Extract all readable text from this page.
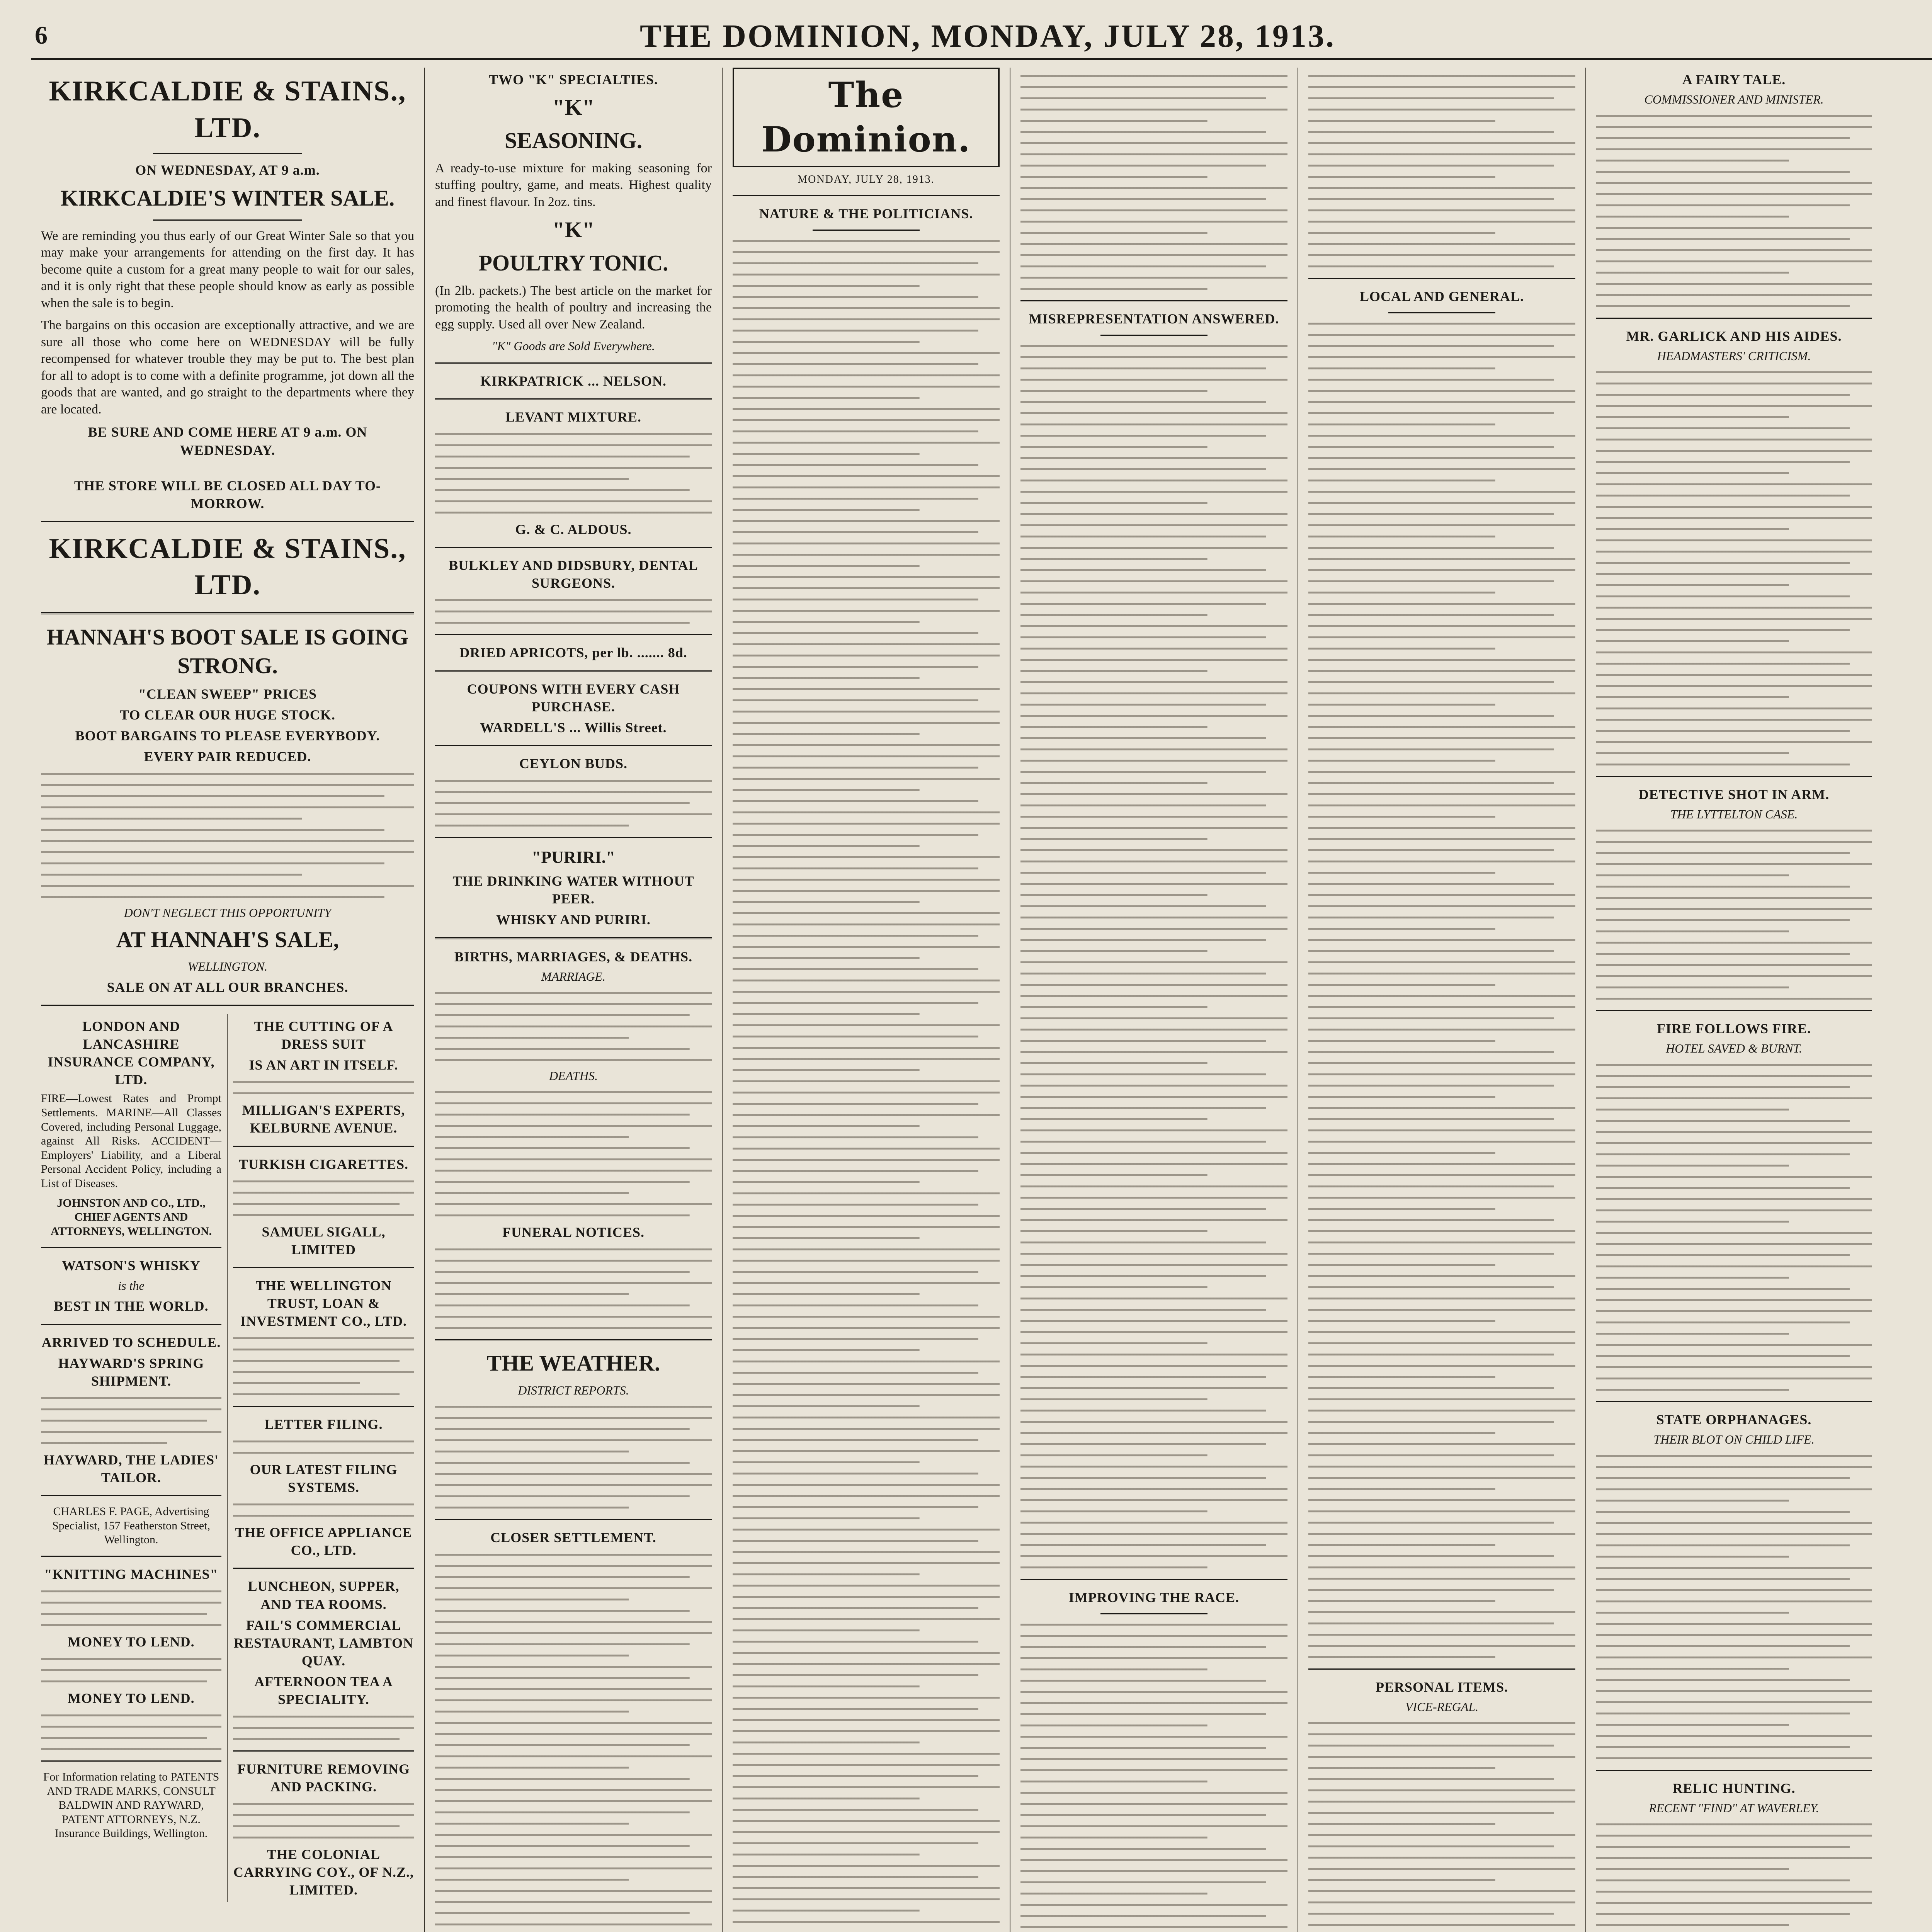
6	THE DOMINION, MONDAY, JULY 28, 1913.
KIRKCALDIE & STAINS., LTD.
ON WEDNESDAY, AT 9 a.m.
KIRKCALDIE'S WINTER SALE.

We are reminding you thus early of our Great Winter Sale so that you may make your arrangements for attending on the first day. It has become quite a custom for a great many people to wait for our sales, and it is only right that these people should know as early as possible when the sale is to begin.

The bargains on this occasion are exceptionally attractive, and we are sure all those who come here on WEDNESDAY will be fully recompensed for whatever trouble they may be put to. The best plan for all to adopt is to come with a definite programme, jot down all the goods that are wanted, and go straight to the departments where they are located.

BE SURE AND COME HERE AT 9 a.m. ON WEDNESDAY.
THE STORE WILL BE CLOSED ALL DAY TO-MORROW.
KIRKCALDIE & STAINS., LTD.
HANNAH'S BOOT SALE IS GOING STRONG.
"CLEAN SWEEP" PRICES
TO CLEAR OUR HUGE STOCK.
BOOT BARGAINS TO PLEASE EVERYBODY.
EVERY PAIR REDUCED.
DON'T NEGLECT THIS OPPORTUNITY
AT HANNAH'S SALE,
WELLINGTON.
SALE ON AT ALL OUR BRANCHES.
LONDON AND LANCASHIRE INSURANCE COMPANY, LTD.

FIRE—Lowest Rates and Prompt Settlements. MARINE—All Classes Covered, including Personal Luggage, against All Risks. ACCIDENT—Employers' Liability, and a Liberal Personal Accident Policy, including a List of Diseases.

JOHNSTON AND CO., LTD., CHIEF AGENTS AND ATTORNEYS, WELLINGTON.
WATSON'S WHISKY
is the
BEST IN THE WORLD.
ARRIVED TO SCHEDULE.
HAYWARD'S SPRING SHIPMENT.
HAYWARD, THE LADIES' TAILOR.
CHARLES F. PAGE, Advertising Specialist, 157 Featherston Street, Wellington.
"KNITTING MACHINES"
MONEY TO LEND.
MONEY TO LEND.
For Information relating to PATENTS AND TRADE MARKS, CONSULT BALDWIN AND RAYWARD, PATENT ATTORNEYS, N.Z. Insurance Buildings, Wellington.
THE CUTTING OF A DRESS SUIT
IS AN ART IN ITSELF.
MILLIGAN'S EXPERTS, KELBURNE AVENUE.
TURKISH CIGARETTES.
SAMUEL SIGALL, LIMITED
THE WELLINGTON TRUST, LOAN & INVESTMENT CO., LTD.
LETTER FILING.
OUR LATEST FILING SYSTEMS.
THE OFFICE APPLIANCE CO., LTD.
LUNCHEON, SUPPER, AND TEA ROOMS.
FAIL'S COMMERCIAL RESTAURANT, LAMBTON QUAY.
AFTERNOON TEA A SPECIALITY.
FURNITURE REMOVING AND PACKING.
THE COLONIAL CARRYING COY., OF N.Z., LIMITED.
TWO "K" SPECIALTIES.
"K"
SEASONING.

A ready-to-use mixture for making seasoning for stuffing poultry, game, and meats. Highest quality and finest flavour. In 2oz. tins.

"K"
POULTRY TONIC.

(In 2lb. packets.) The best article on the market for promoting the health of poultry and increasing the egg supply. Used all over New Zealand.

"K" Goods are Sold Everywhere.
KIRKPATRICK ... NELSON.
LEVANT MIXTURE.
G. & C. ALDOUS.
BULKLEY AND DIDSBURY, DENTAL SURGEONS.
DRIED APRICOTS, per lb. ....... 8d.
COUPONS WITH EVERY CASH PURCHASE.
WARDELL'S ... Willis Street.
CEYLON BUDS.
"PURIRI."
THE DRINKING WATER WITHOUT PEER.
WHISKY AND PURIRI.
BIRTHS, MARRIAGES, & DEATHS.
MARRIAGE.
DEATHS.
FUNERAL NOTICES.
THE WEATHER.
DISTRICT REPORTS.
CLOSER SETTLEMENT.
The Dominion.
MONDAY, JULY 28, 1913.
NATURE & THE POLITICIANS.
MISREPRESENTATION ANSWERED.
IMPROVING THE RACE.
LOCAL AND GENERAL.
PERSONAL ITEMS.
VICE-REGAL.
A FAIRY TALE.
COMMISSIONER AND MINISTER.
MR. GARLICK AND HIS AIDES.
HEADMASTERS' CRITICISM.
DETECTIVE SHOT IN ARM.
THE LYTTELTON CASE.
FIRE FOLLOWS FIRE.
HOTEL SAVED & BURNT.
STATE ORPHANAGES.
THEIR BLOT ON CHILD LIFE.
RELIC HUNTING.
RECENT "FIND" AT WAVERLEY.
